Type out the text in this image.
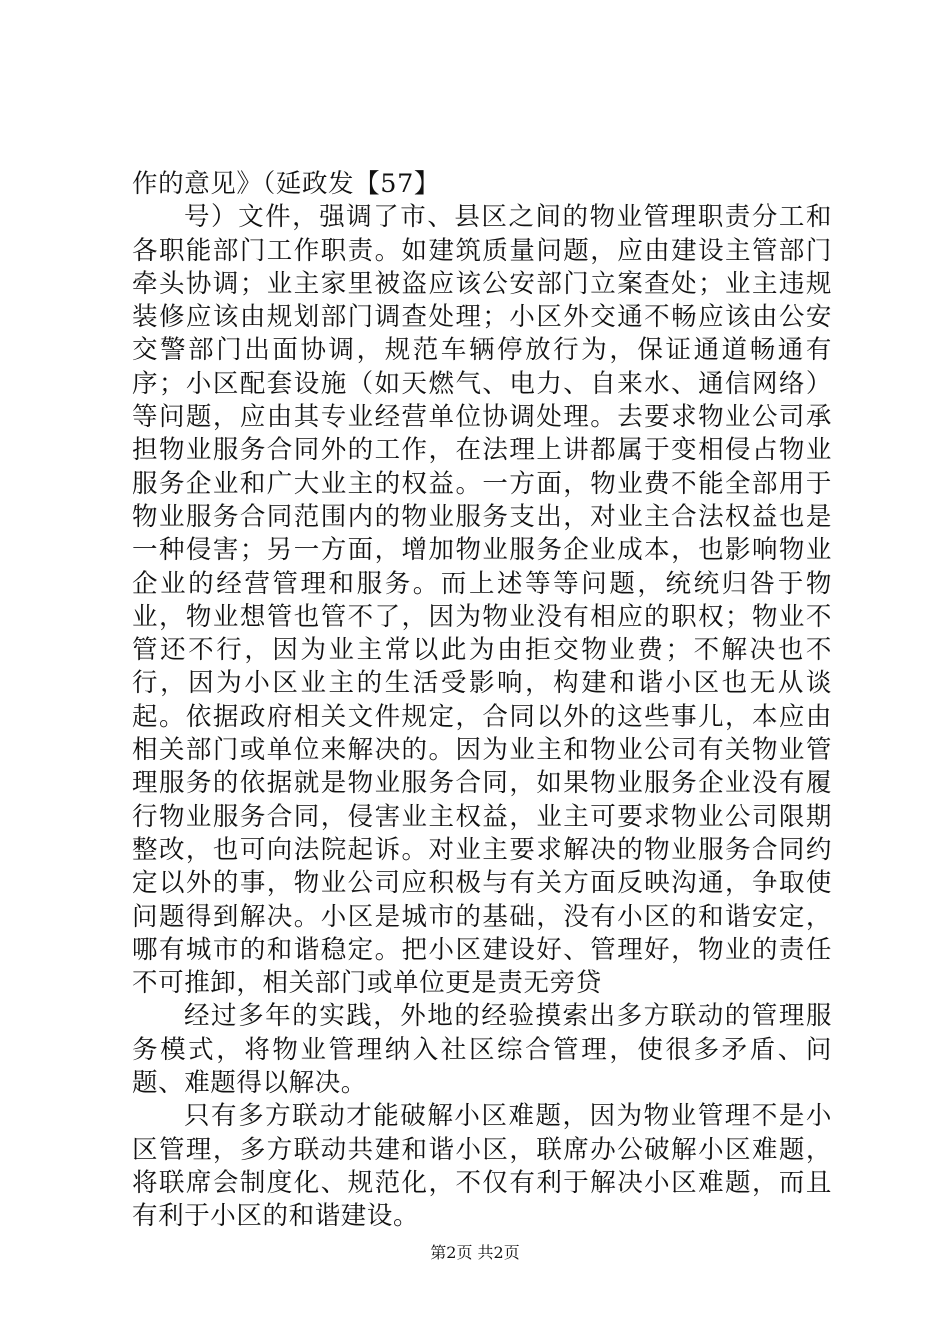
作的意见》（延政发【57】

号）文件，强调了市、县区之间的物业管理职责分工和各职能部门工作职责。如建筑质量问题，应由建设主管部门牵头协调；业主家里被盗应该公安部门立案查处；业主违规装修应该由规划部门调查处理；小区外交通不畅应该由公安交警部门出面协调，规范车辆停放行为，保证通道畅通有序；小区配套设施（如天燃气、电力、自来水、通信网络）等问题，应由其专业经营单位协调处理。去要求物业公司承担物业服务合同外的工作，在法理上讲都属于变相侵占物业服务企业和广大业主的权益。一方面，物业费不能全部用于物业服务合同范围内的物业服务支出，对业主合法权益也是一种侵害；另一方面，增加物业服务企业成本，也影响物业企业的经营管理和服务。而上述等等问题，统统归咎于物业，物业想管也管不了，因为物业没有相应的职权；物业不管还不行，因为业主常以此为由拒交物业费；不解决也不行，因为小区业主的生活受影响，构建和谐小区也无从谈起。依据政府相关文件规定，合同以外的这些事儿，本应由相关部门或单位来解决的。因为业主和物业公司有关物业管理服务的依据就是物业服务合同，如果物业服务企业没有履行物业服务合同，侵害业主权益，业主可要求物业公司限期整改，也可向法院起诉。对业主要求解决的物业服务合同约定以外的事，物业公司应积极与有关方面反映沟通，争取使问题得到解决。小区是城市的基础，没有小区的和谐安定，哪有城市的和谐稳定。把小区建设好、管理好，物业的责任不可推卸，相关部门或单位更是责无旁贷

经过多年的实践，外地的经验摸索出多方联动的管理服务模式，将物业管理纳入社区综合管理，使很多矛盾、问题、难题得以解决。

只有多方联动才能破解小区难题，因为物业管理不是小区管理，多方联动共建和谐小区，联席办公破解小区难题，将联席会制度化、规范化，不仅有利于解决小区难题，而且有利于小区的和谐建设。

第2页 共2页
